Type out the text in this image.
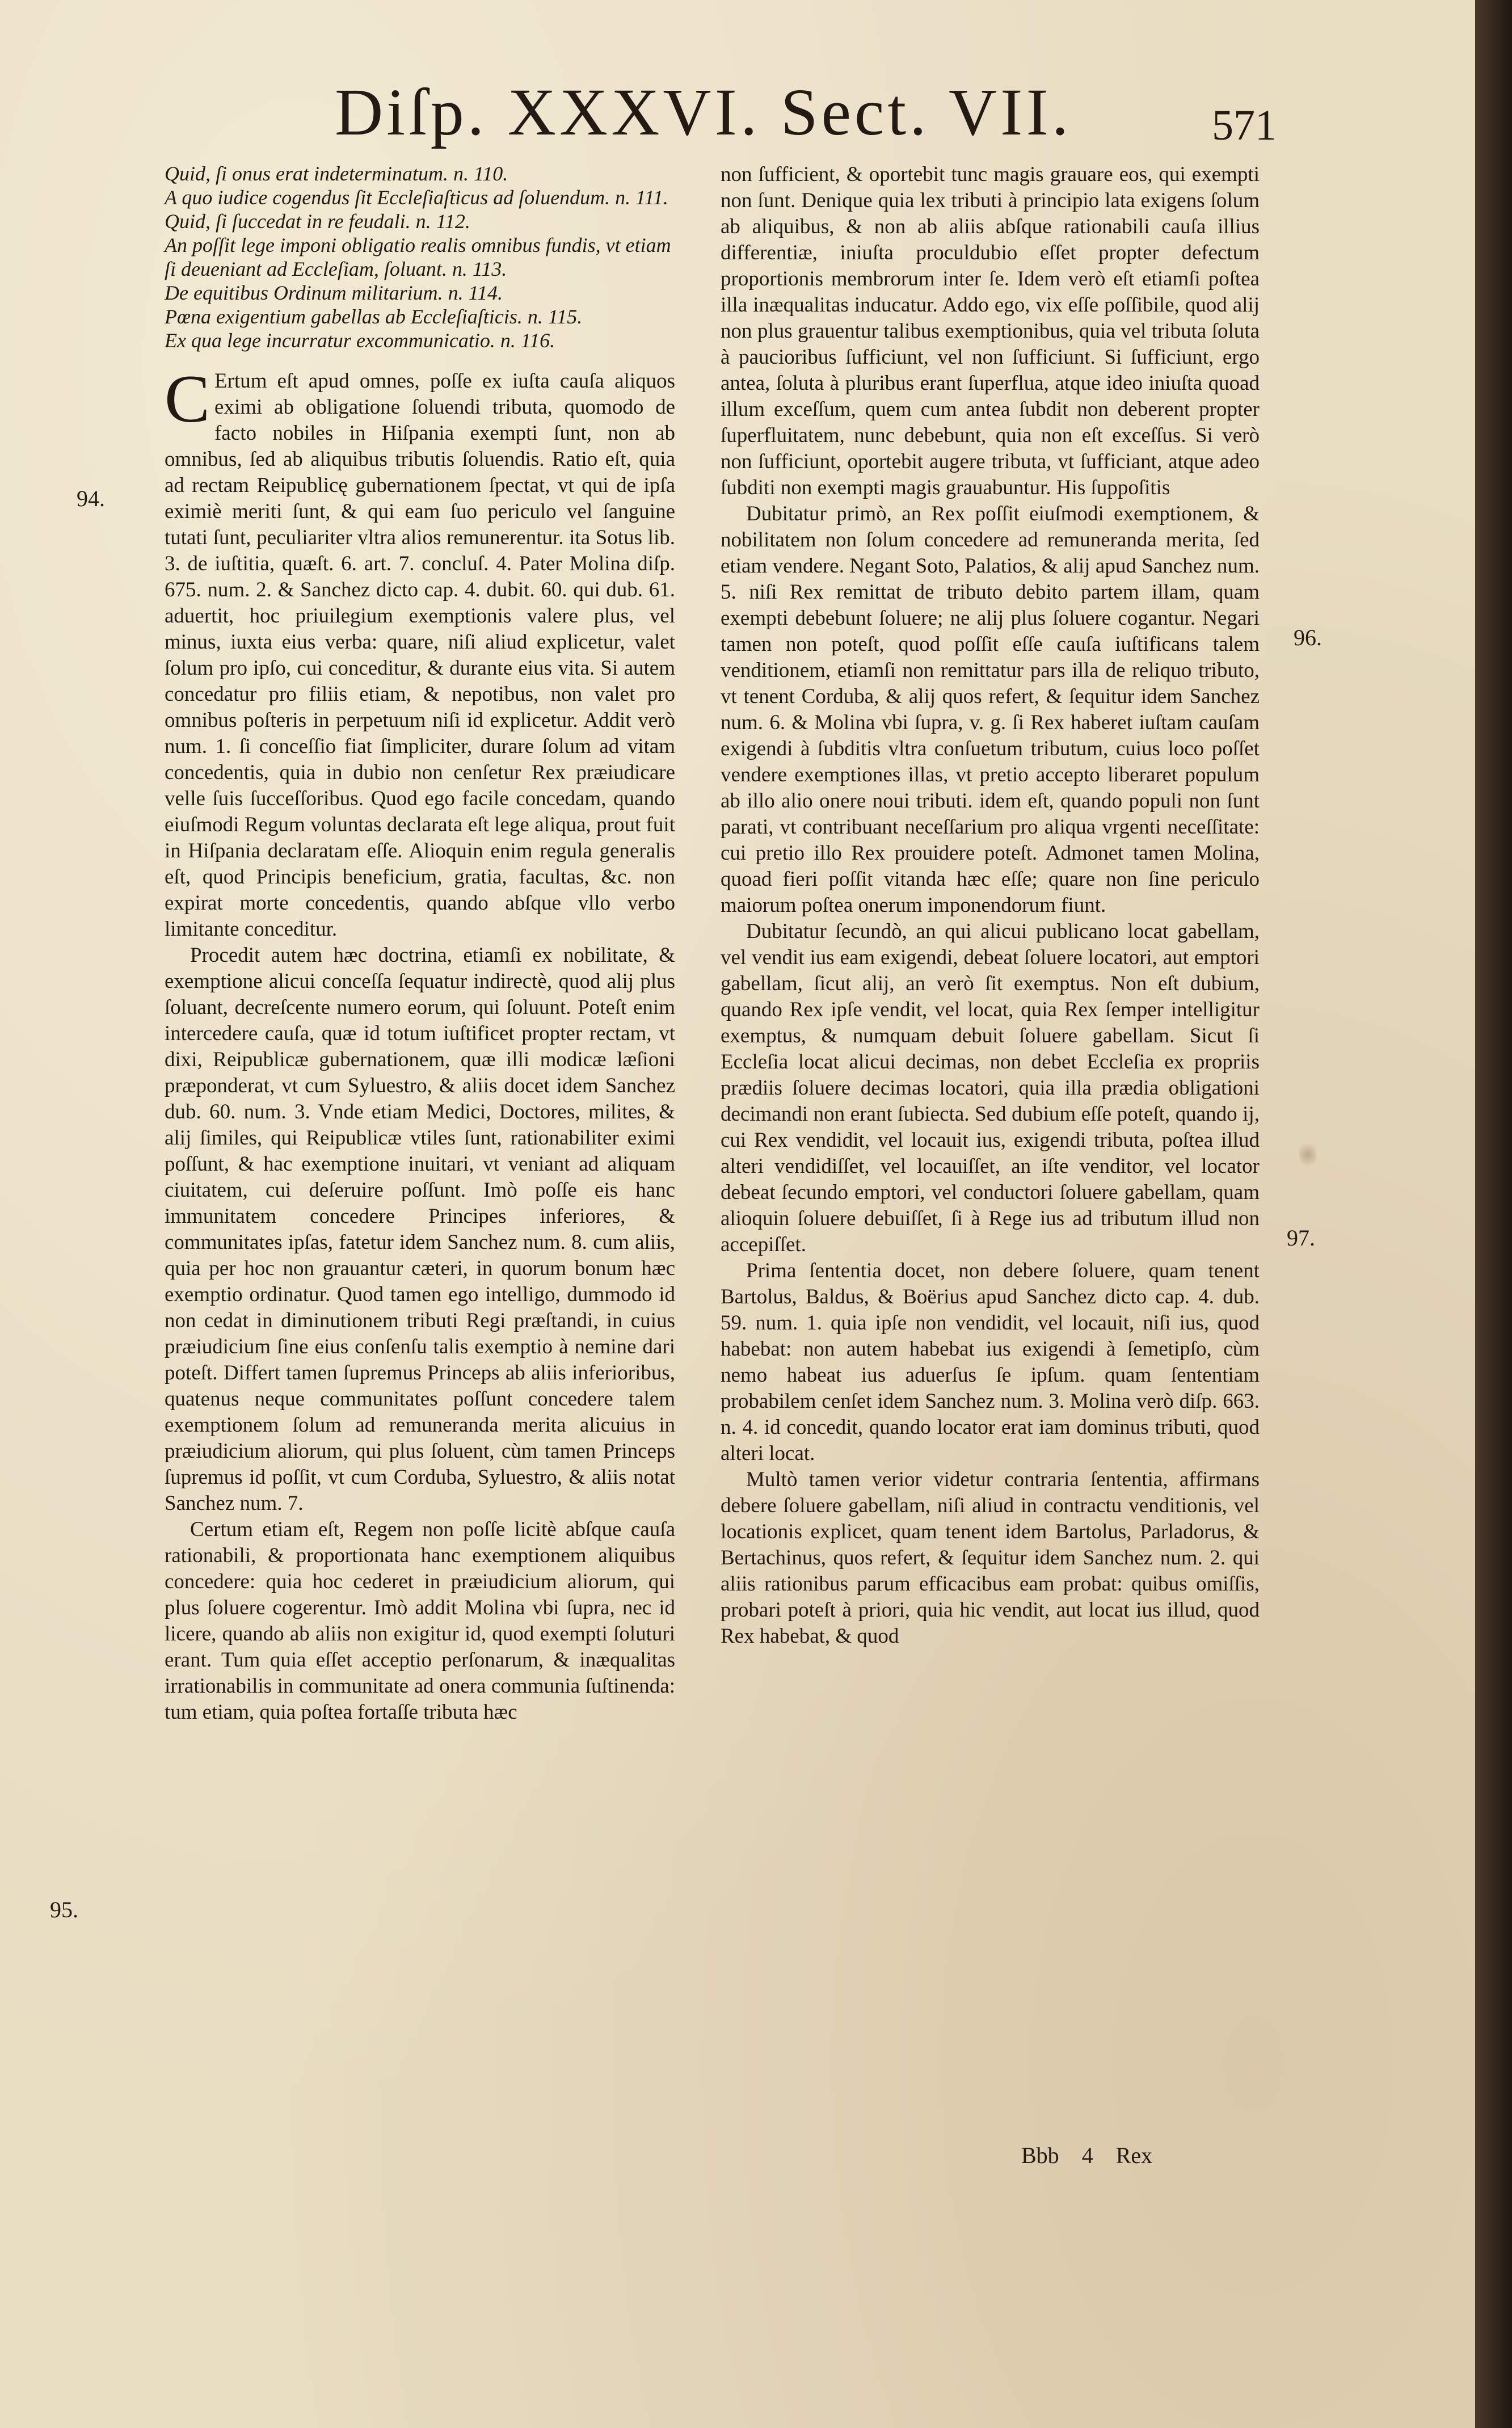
Diſp. XXXVI. Sect. VII.	571
94.
95.
96.
97.

Quid, ſi onus erat indeterminatum. n. 110.

A quo iudice cogendus ſit Eccleſiaſticus ad ſoluendum. n. 111.

Quid, ſi ſuccedat in re feudali. n. 112.

An poſſit lege imponi obligatio realis omnibus fundis, vt etiam ſi deueniant ad Eccleſiam, ſoluant. n. 113.

De equitibus Ordinum militarium. n. 114.

Pœna exigentium gabellas ab Eccleſiaſticis. n. 115.

Ex qua lege incurratur excommunicatio. n. 116.

C Ertum eſt apud omnes, poſſe ex iuſta cauſa aliquos eximi ab obligatione ſoluendi tributa, quomodo de facto nobiles in Hiſpania exempti ſunt, non ab omnibus, ſed ab aliquibus tributis ſoluendis. Ratio eſt, quia ad rectam Reipublicę gubernationem ſpectat, vt qui de ipſa eximiè meriti ſunt, & qui eam ſuo periculo vel ſanguine tutati ſunt, peculiariter vltra alios remunerentur. ita Sotus lib. 3. de iuſtitia, quæſt. 6. art. 7. concluſ. 4. Pater Molina diſp. 675. num. 2. & Sanchez dicto cap. 4. dubit. 60. qui dub. 61. aduertit, hoc priuilegium exemptionis valere plus, vel minus, iuxta eius verba: quare, niſi aliud explicetur, valet ſolum pro ipſo, cui conceditur, & durante eius vita. Si autem concedatur pro filiis etiam, & nepotibus, non valet pro omnibus poſteris in perpetuum niſi id explicetur. Addit verò num. 1. ſi conceſſio fiat ſimpliciter, durare ſolum ad vitam concedentis, quia in dubio non cenſetur Rex præiudicare velle ſuis ſucceſſoribus. Quod ego facile concedam, quando eiuſmodi Regum voluntas declarata eſt lege aliqua, prout fuit in Hiſpania declaratam eſſe. Alioquin enim regula generalis eſt, quod Principis beneficium, gratia, facultas, &c. non expirat morte concedentis, quando abſque vllo verbo limitante conceditur.

Procedit autem hæc doctrina, etiamſi ex nobilitate, & exemptione alicui conceſſa ſequatur indirectè, quod alij plus ſoluant, decreſcente numero eorum, qui ſoluunt. Poteſt enim intercedere cauſa, quæ id totum iuſtificet propter rectam, vt dixi, Reipublicæ gubernationem, quæ illi modicæ læſioni præponderat, vt cum Syluestro, & aliis docet idem Sanchez dub. 60. num. 3. Vnde etiam Medici, Doctores, milites, & alij ſimiles, qui Reipublicæ vtiles ſunt, rationabiliter eximi poſſunt, & hac exemptione inuitari, vt veniant ad aliquam ciuitatem, cui deſeruire poſſunt. Imò poſſe eis hanc immunitatem concedere Principes inferiores, & communitates ipſas, fatetur idem Sanchez num. 8. cum aliis, quia per hoc non grauantur cæteri, in quorum bonum hæc exemptio ordinatur. Quod tamen ego intelligo, dummodo id non cedat in diminutionem tributi Regi præſtandi, in cuius præiudicium ſine eius conſenſu talis exemptio à nemine dari poteſt. Differt tamen ſupremus Princeps ab aliis inferioribus, quatenus neque communitates poſſunt concedere talem exemptionem ſolum ad remuneranda merita alicuius in præiudicium aliorum, qui plus ſoluent, cùm tamen Princeps ſupremus id poſſit, vt cum Corduba, Syluestro, & aliis notat Sanchez num. 7.

Certum etiam eſt, Regem non poſſe licitè abſque cauſa rationabili, & proportionata hanc exemptionem aliquibus concedere: quia hoc cederet in præiudicium aliorum, qui plus ſoluere cogerentur. Imò addit Molina vbi ſupra, nec id licere, quando ab aliis non exigitur id, quod exempti ſoluturi erant. Tum quia eſſet acceptio perſonarum, & inæqualitas irrationabilis in communitate ad onera communia ſuſtinenda: tum etiam, quia poſtea fortaſſe tributa hæc

non ſufficient, & oportebit tunc magis grauare eos, qui exempti non ſunt. Denique quia lex tributi à principio lata exigens ſolum ab aliquibus, & non ab aliis abſque rationabili cauſa illius differentiæ, iniuſta proculdubio eſſet propter defectum proportionis membrorum inter ſe. Idem verò eſt etiamſi poſtea illa inæqualitas inducatur. Addo ego, vix eſſe poſſibile, quod alij non plus grauentur talibus exemptionibus, quia vel tributa ſoluta à paucioribus ſufficiunt, vel non ſufficiunt. Si ſufficiunt, ergo antea, ſoluta à pluribus erant ſuperflua, atque ideo iniuſta quoad illum exceſſum, quem cum antea ſubdit non deberent propter ſuperfluitatem, nunc debebunt, quia non eſt exceſſus. Si verò non ſufficiunt, oportebit augere tributa, vt ſufficiant, atque adeo ſubditi non exempti magis grauabuntur. His ſuppoſitis

Dubitatur primò, an Rex poſſit eiuſmodi exemptionem, & nobilitatem non ſolum concedere ad remuneranda merita, ſed etiam vendere. Negant Soto, Palatios, & alij apud Sanchez num. 5. niſi Rex remittat de tributo debito partem illam, quam exempti debebunt ſoluere; ne alij plus ſoluere cogantur. Negari tamen non poteſt, quod poſſit eſſe cauſa iuſtificans talem venditionem, etiamſi non remittatur pars illa de reliquo tributo, vt tenent Corduba, & alij quos refert, & ſequitur idem Sanchez num. 6. & Molina vbi ſupra, v. g. ſi Rex haberet iuſtam cauſam exigendi à ſubditis vltra conſuetum tributum, cuius loco poſſet vendere exemptiones illas, vt pretio accepto liberaret populum ab illo alio onere noui tributi. idem eſt, quando populi non ſunt parati, vt contribuant neceſſarium pro aliqua vrgenti neceſſitate: cui pretio illo Rex prouidere poteſt. Admonet tamen Molina, quoad fieri poſſit vitanda hæc eſſe; quare non ſine periculo maiorum poſtea onerum imponendorum fiunt.

Dubitatur ſecundò, an qui alicui publicano locat gabellam, vel vendit ius eam exigendi, debeat ſoluere locatori, aut emptori gabellam, ſicut alij, an verò ſit exemptus. Non eſt dubium, quando Rex ipſe vendit, vel locat, quia Rex ſemper intelligitur exemptus, & numquam debuit ſoluere gabellam. Sicut ſi Eccleſia locat alicui decimas, non debet Eccleſia ex propriis prædiis ſoluere decimas locatori, quia illa prædia obligationi decimandi non erant ſubiecta. Sed dubium eſſe poteſt, quando ij, cui Rex vendidit, vel locauit ius, exigendi tributa, poſtea illud alteri vendidiſſet, vel locauiſſet, an iſte venditor, vel locator debeat ſecundo emptori, vel conductori ſoluere gabellam, quam alioquin ſoluere debuiſſet, ſi à Rege ius ad tributum illud non accepiſſet.

Prima ſententia docet, non debere ſoluere, quam tenent Bartolus, Baldus, & Boërius apud Sanchez dicto cap. 4. dub. 59. num. 1. quia ipſe non vendidit, vel locauit, niſi ius, quod habebat: non autem habebat ius exigendi à ſemetipſo, cùm nemo habeat ius aduerſus ſe ipſum. quam ſententiam probabilem cenſet idem Sanchez num. 3. Molina verò diſp. 663. n. 4. id concedit, quando locator erat iam dominus tributi, quod alteri locat.

Multò tamen verior videtur contraria ſententia, affirmans debere ſoluere gabellam, niſi aliud in contractu venditionis, vel locationis explicet, quam tenent idem Bartolus, Parladorus, & Bertachinus, quos refert, & ſequitur idem Sanchez num. 2. qui aliis rationibus parum efficacibus eam probat: quibus omiſſis, probari poteſt à priori, quia hic vendit, aut locat ius illud, quod Rex habebat, & quod

Bbb 4 Rex
